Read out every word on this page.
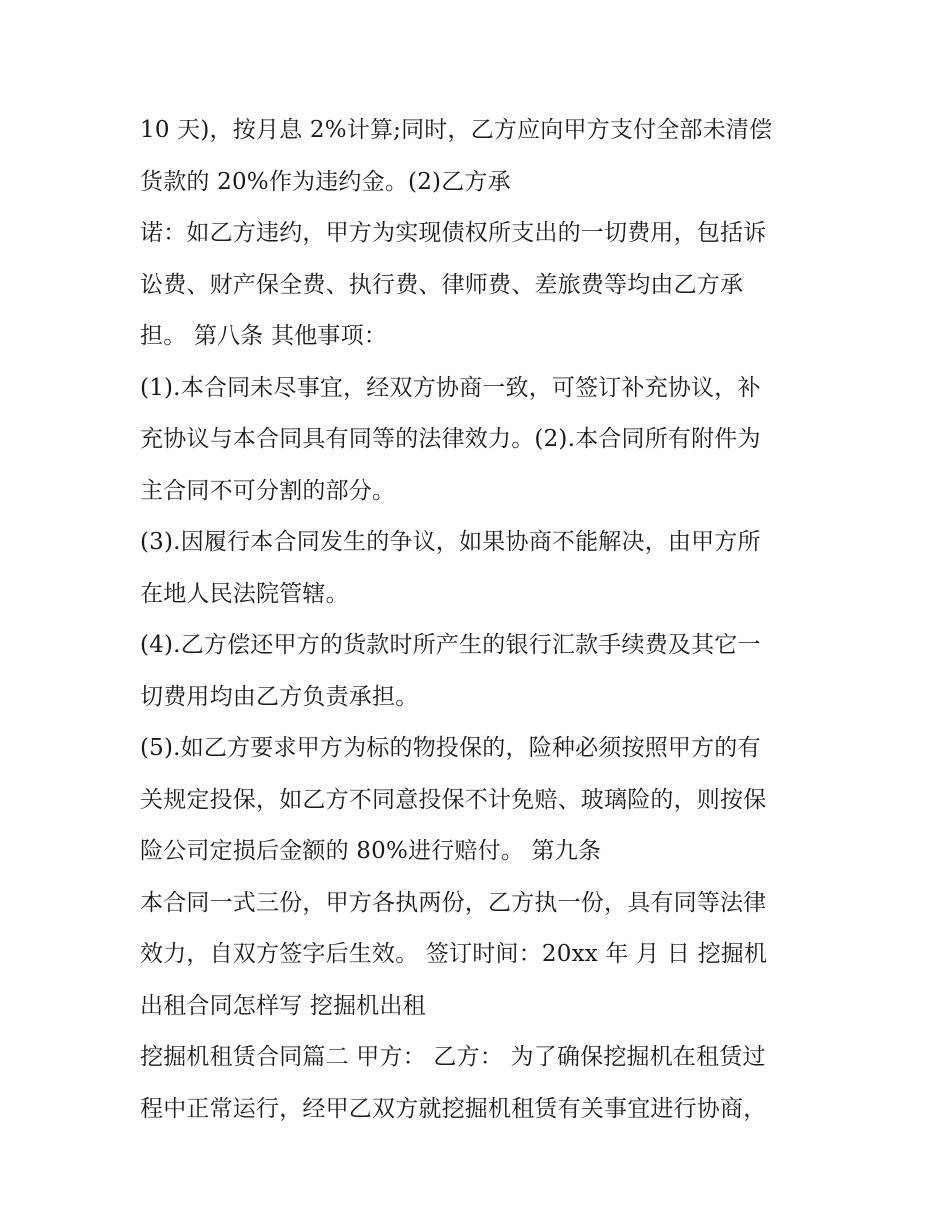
10 天)，按月息 2%计算;同时，乙方应向甲方支付全部未清偿
货款的 20%作为违约金。(2)乙方承
诺：如乙方违约，甲方为实现债权所支出的一切费用，包括诉
讼费、财产保全费、执行费、律师费、差旅费等均由乙方承
担。 第八条 其他事项：
(1).本合同未尽事宜，经双方协商一致，可签订补充协议，补
充协议与本合同具有同等的法律效力。(2).本合同所有附件为
主合同不可分割的部分。
(3).因履行本合同发生的争议，如果协商不能解决，由甲方所
在地人民法院管辖。
(4).乙方偿还甲方的货款时所产生的银行汇款手续费及其它一
切费用均由乙方负责承担。
(5).如乙方要求甲方为标的物投保的，险种必须按照甲方的有
关规定投保，如乙方不同意投保不计免赔、玻璃险的，则按保
险公司定损后金额的 80%进行赔付。 第九条
本合同一式三份，甲方各执两份，乙方执一份，具有同等法律
效力，自双方签字后生效。 签订时间：20xx 年 月 日 挖掘机
出租合同怎样写 挖掘机出租
挖掘机租赁合同篇二 甲方： 乙方： 为了确保挖掘机在租赁过
程中正常运行，经甲乙双方就挖掘机租赁有关事宜进行协商，
